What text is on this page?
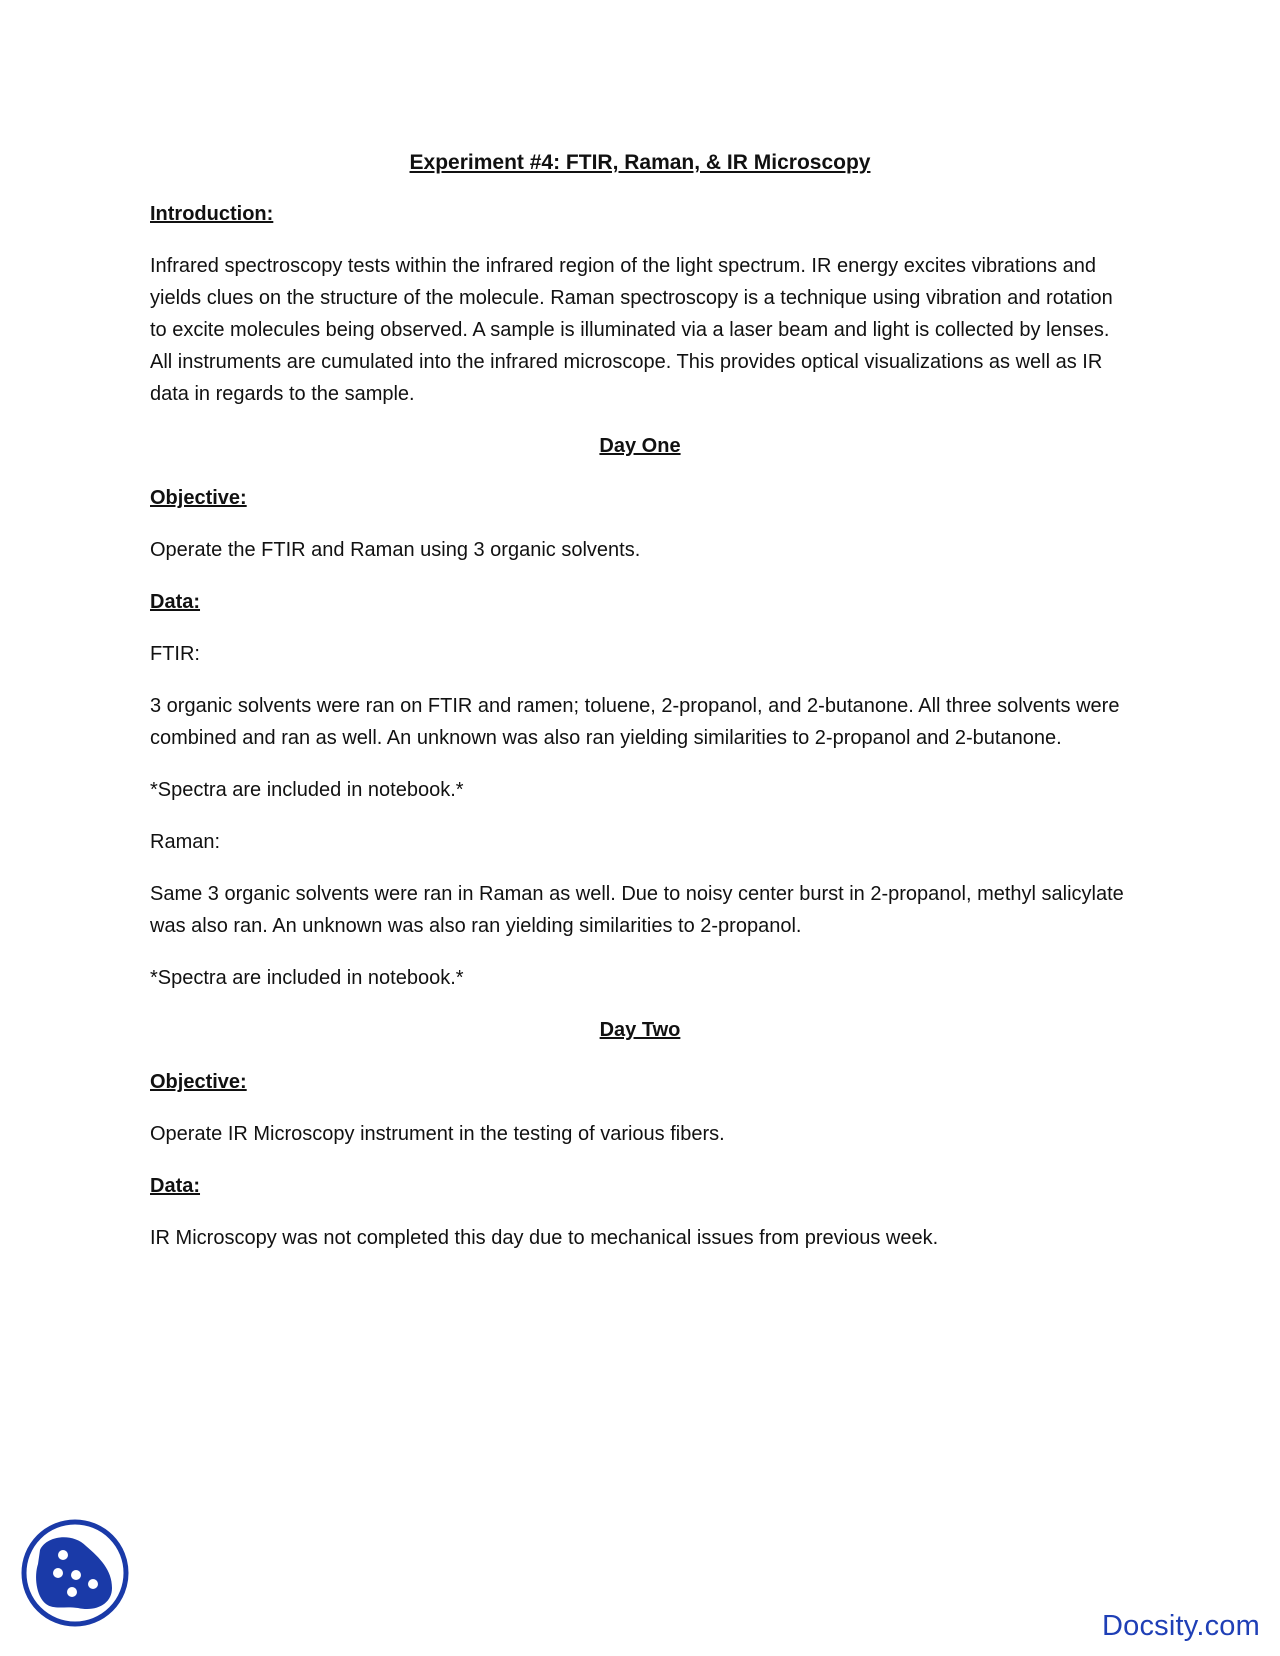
Experiment #4: FTIR, Raman, & IR Microscopy
Introduction:

Infrared spectroscopy tests within the infrared region of the light spectrum. IR energy excites vibrations and yields clues on the structure of the molecule. Raman spectroscopy is a technique using vibration and rotation to excite molecules being observed. A sample is illuminated via a laser beam and light is collected by lenses. All instruments are cumulated into the infrared microscope. This provides optical visualizations as well as IR data in regards to the sample.

Day One
Objective:

Operate the FTIR and Raman using 3 organic solvents.

Data:

FTIR:

3 organic solvents were ran on FTIR and ramen; toluene, 2-propanol, and 2-butanone. All three solvents were combined and ran as well. An unknown was also ran yielding similarities to 2-propanol and 2-butanone.

*Spectra are included in notebook.*

Raman:

Same 3 organic solvents were ran in Raman as well. Due to noisy center burst in 2-propanol, methyl salicylate was also ran. An unknown was also ran yielding similarities to 2-propanol.

*Spectra are included in notebook.*

Day Two
Objective:

Operate IR Microscopy instrument in the testing of various fibers.

Data:

IR Microscopy was not completed this day due to mechanical issues from previous week.

Docsity.com
